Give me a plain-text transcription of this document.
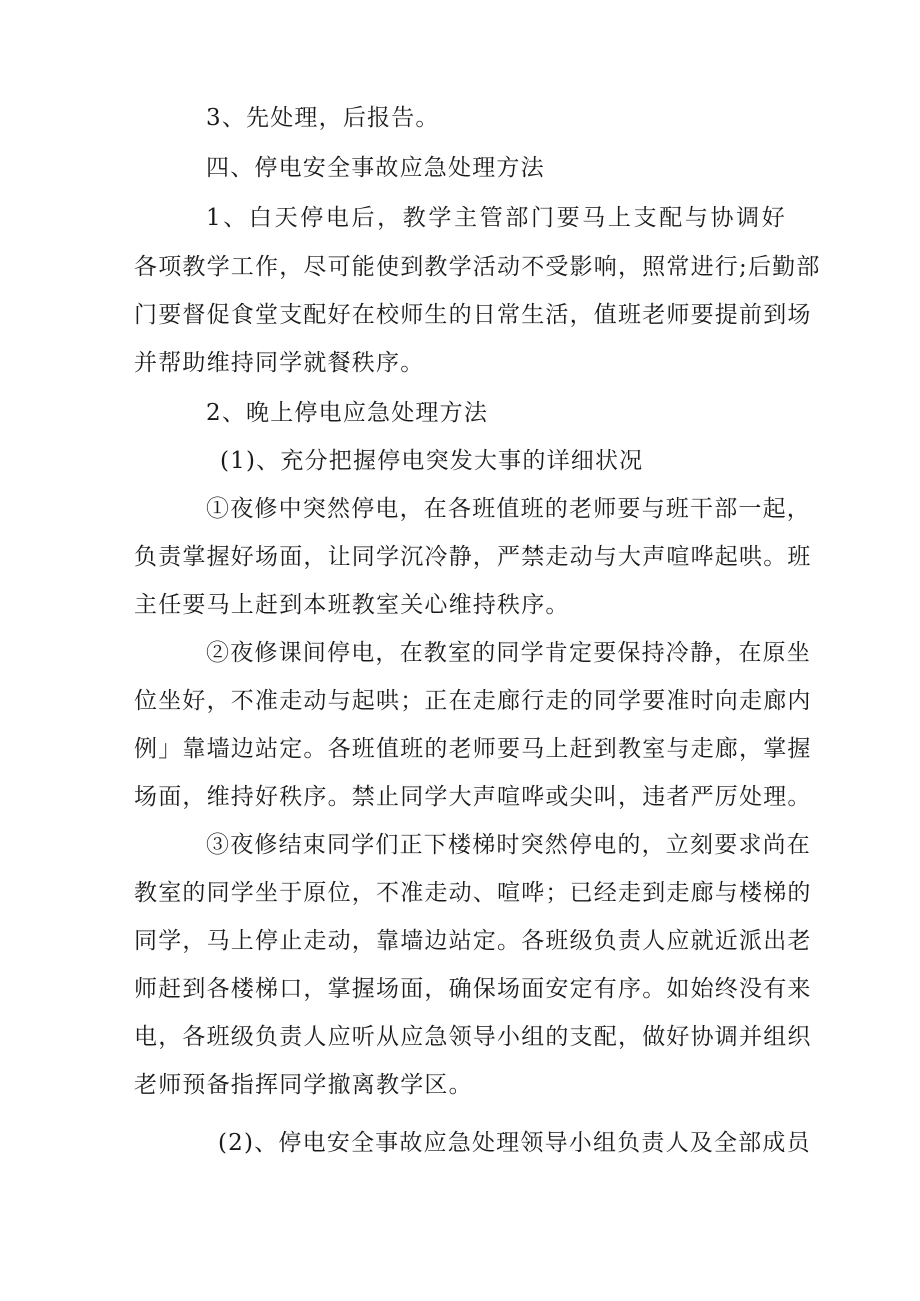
3、先处理，后报告。
四、停电安全事故应急处理方法
1、白天停电后，教学主管部门要马上支配与协调好
各项教学工作，尽可能使到教学活动不受影响，照常进行;后勤部
门要督促食堂支配好在校师生的日常生活，值班老师要提前到场
并帮助维持同学就餐秩序。
2、晚上停电应急处理方法
(1)、充分把握停电突发大事的详细状况
①夜修中突然停电，在各班值班的老师要与班干部一起，
负责掌握好场面，让同学沉冷静，严禁走动与大声喧哗起哄。班
主任要马上赶到本班教室关心维持秩序。
②夜修课间停电，在教室的同学肯定要保持冷静，在原坐
位坐好，不准走动与起哄；正在走廊行走的同学要准时向走廊内
例」靠墙边站定。各班值班的老师要马上赶到教室与走廊，掌握
场面，维持好秩序。禁止同学大声喧哗或尖叫，违者严厉处理。
③夜修结束同学们正下楼梯时突然停电的，立刻要求尚在
教室的同学坐于原位，不准走动、喧哗；已经走到走廊与楼梯的
同学，马上停止走动，靠墙边站定。各班级负责人应就近派出老
师赶到各楼梯口，掌握场面，确保场面安定有序。如始终没有来
电，各班级负责人应听从应急领导小组的支配，做好协调并组织
老师预备指挥同学撤离教学区。
(2)、停电安全事故应急处理领导小组负责人及全部成员
